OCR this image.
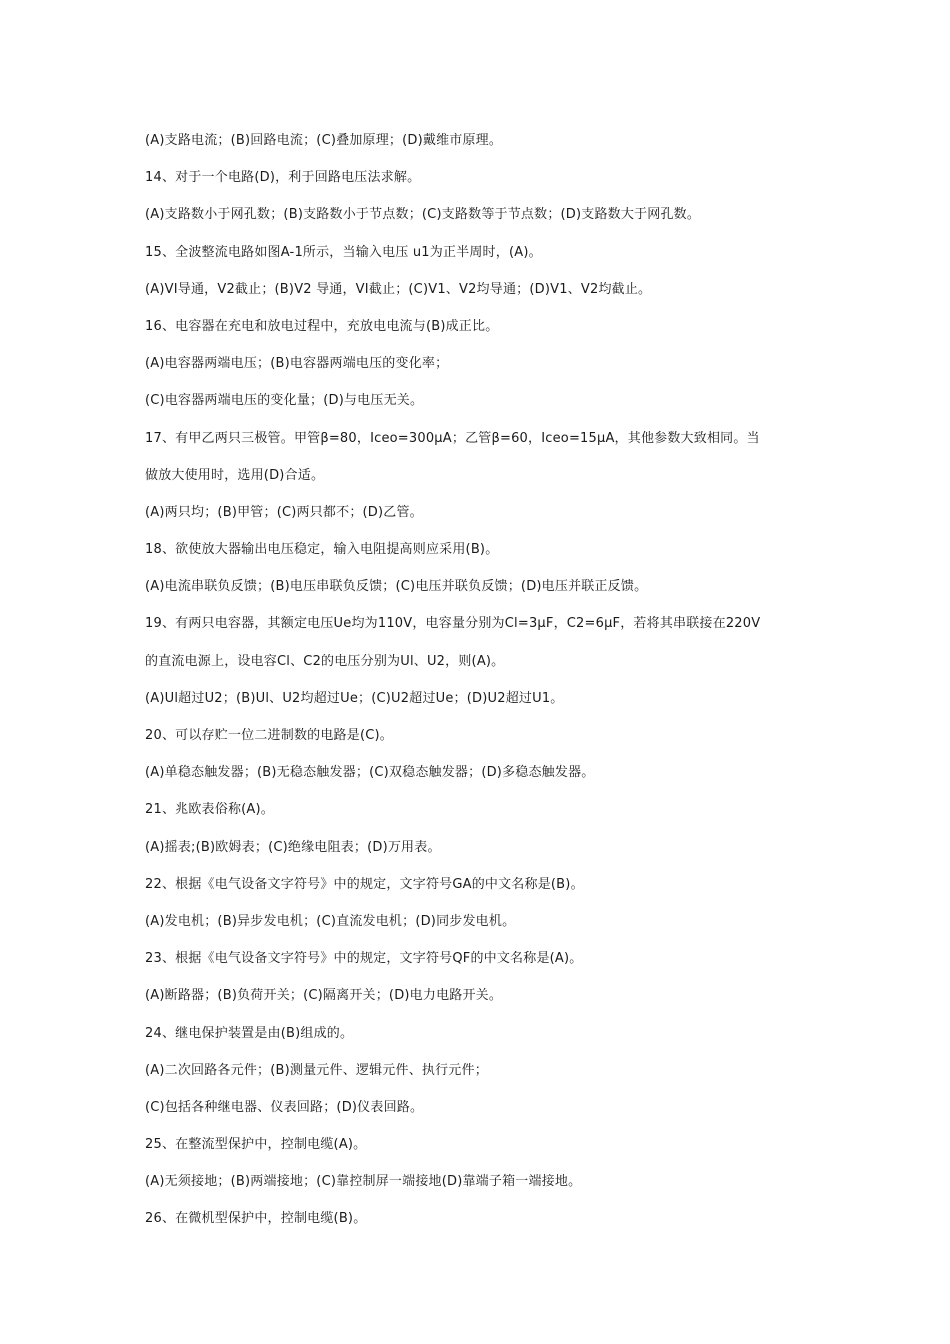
(A)支路电流；(B)回路电流；(C)叠加原理；(D)戴维市原理。
14、对于一个电路(D)，利于回路电压法求解。
(A)支路数小于网孔数；(B)支路数小于节点数；(C)支路数等于节点数；(D)支路数大于网孔数。
15、全波整流电路如图A-1所示，当输入电压 u1为正半周时，(A)。
(A)VI导通，V2截止；(B)V2 导通，VI截止；(C)V1、V2均导通；(D)V1、V2均截止。
16、电容器在充电和放电过程中，充放电电流与(B)成正比。
(A)电容器两端电压；(B)电容器两端电压的变化率；
(C)电容器两端电压的变化量；(D)与电压无关。
17、有甲乙两只三极管。甲管β=80，Ⅰceo=300μA；乙管β=60，Ⅰceo=15μA，其他参数大致相同。当
做放大使用时，选用(D)合适。
(A)两只均；(B)甲管；(C)两只都不；(D)乙管。
18、欲使放大器输出电压稳定，输入电阻提高则应采用(B)。
(A)电流串联负反馈；(B)电压串联负反馈；(C)电压并联负反馈；(D)电压并联正反馈。
19、有两只电容器，其额定电压Ue均为110V，电容量分别为Cl=3μF，C2=6μF，若将其串联接在220V
的直流电源上，设电容Cl、C2的电压分别为Ul、U2，则(A)。
(A)Ul超过U2；(B)Ul、U2均超过Ue；(C)U2超过Ue；(D)U2超过U1。
20、可以存贮一位二进制数的电路是(C)。
(A)单稳态触发器；(B)无稳态触发器；(C)双稳态触发器；(D)多稳态触发器。
21、兆欧表俗称(A)。
(A)摇表;(B)欧姆表；(C)绝缘电阻表；(D)万用表。
22、根据《电气设备文字符号》中的规定，文字符号GA的中文名称是(B)。
(A)发电机；(B)异步发电机；(C)直流发电机；(D)同步发电机。
23、根据《电气设备文字符号》中的规定，文字符号QF的中文名称是(A)。
(A)断路器；(B)负荷开关；(C)隔离开关；(D)电力电路开关。
24、继电保护装置是由(B)组成的。
(A)二次回路各元件；(B)测量元件、逻辑元件、执行元件；
(C)包括各种继电器、仪表回路；(D)仪表回路。
25、在整流型保护中，控制电缆(A)。
(A)无须接地；(B)两端接地；(C)靠控制屏一端接地(D)靠端子箱一端接地。
26、在微机型保护中，控制电缆(B)。
